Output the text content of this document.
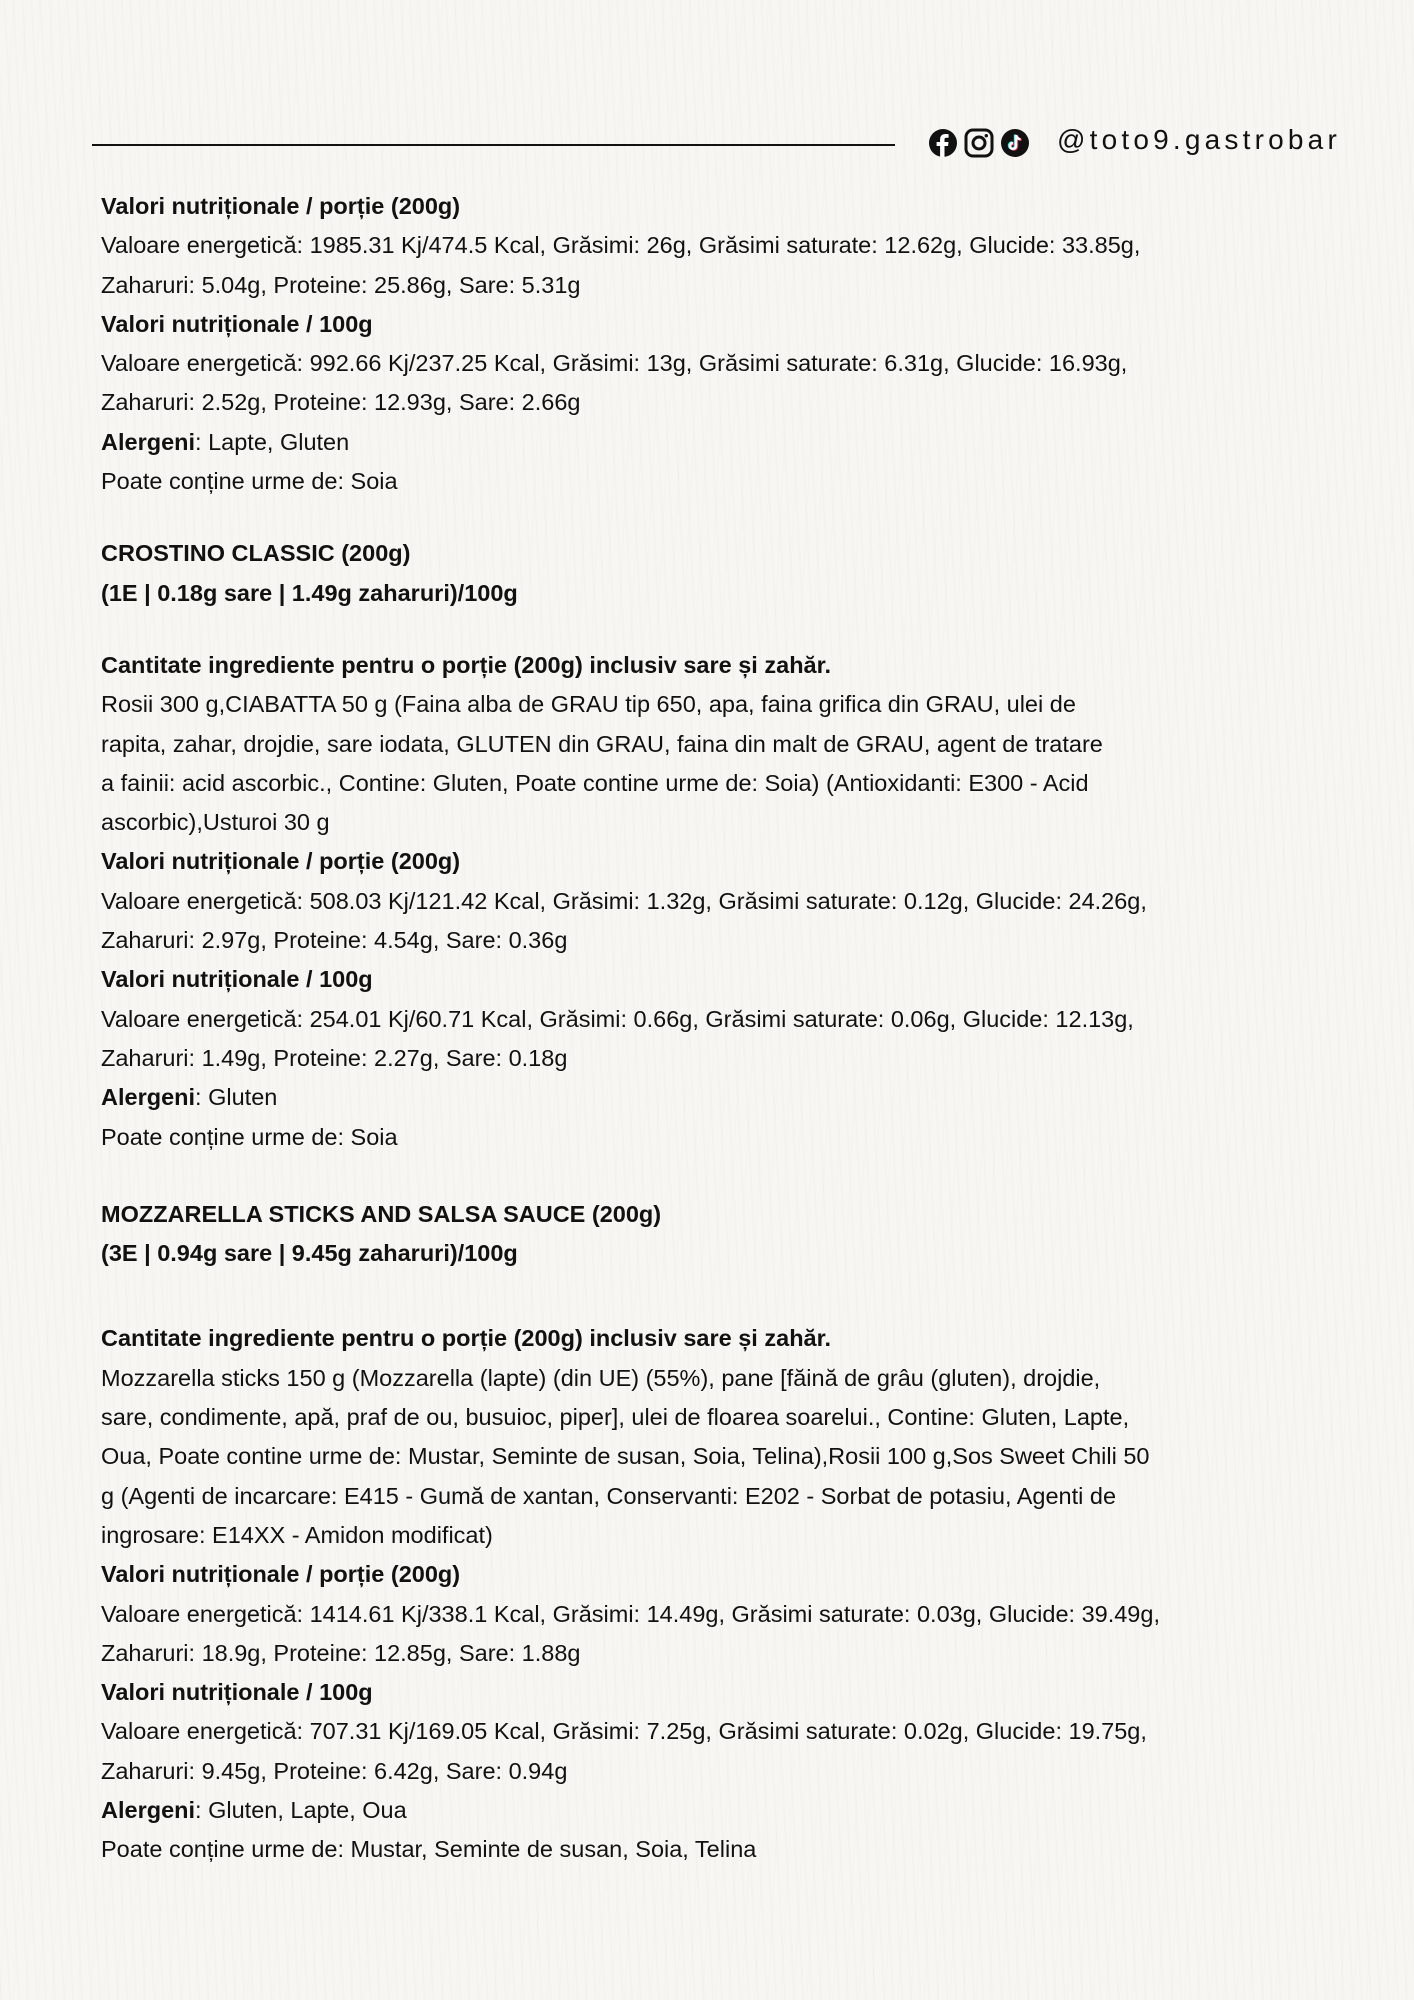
@toto9.gastrobar
Valori nutriționale / porție (200g)
Valoare energetică: 1985.31 Kj/474.5 Kcal, Grăsimi: 26g, Grăsimi saturate: 12.62g, Glucide: 33.85g,
Zaharuri: 5.04g, Proteine: 25.86g, Sare: 5.31g
Valori nutriționale / 100g
Valoare energetică: 992.66 Kj/237.25 Kcal, Grăsimi: 13g, Grăsimi saturate: 6.31g, Glucide: 16.93g,
Zaharuri: 2.52g, Proteine: 12.93g, Sare: 2.66g
Alergeni: Lapte, Gluten
Poate conține urme de: Soia
CROSTINO CLASSIC (200g)
(1E | 0.18g sare | 1.49g zaharuri)/100g
Cantitate ingrediente pentru o porție (200g) inclusiv sare și zahăr.
Rosii 300 g,CIABATTA 50 g (Faina alba de GRAU tip 650, apa, faina grifica din GRAU, ulei de
rapita, zahar, drojdie, sare iodata, GLUTEN din GRAU, faina din malt de GRAU, agent de tratare
a fainii: acid ascorbic., Contine: Gluten, Poate contine urme de: Soia) (Antioxidanti: E300 - Acid
ascorbic),Usturoi 30 g
Valori nutriționale / porție (200g)
Valoare energetică: 508.03 Kj/121.42 Kcal, Grăsimi: 1.32g, Grăsimi saturate: 0.12g, Glucide: 24.26g,
Zaharuri: 2.97g, Proteine: 4.54g, Sare: 0.36g
Valori nutriționale / 100g
Valoare energetică: 254.01 Kj/60.71 Kcal, Grăsimi: 0.66g, Grăsimi saturate: 0.06g, Glucide: 12.13g,
Zaharuri: 1.49g, Proteine: 2.27g, Sare: 0.18g
Alergeni: Gluten
Poate conține urme de: Soia
MOZZARELLA STICKS AND SALSA SAUCE (200g)
(3E | 0.94g sare | 9.45g zaharuri)/100g
Cantitate ingrediente pentru o porție (200g) inclusiv sare și zahăr.
Mozzarella sticks 150 g (Mozzarella (lapte) (din UE) (55%), pane [făină de grâu (gluten), drojdie,
sare, condimente, apă, praf de ou, busuioc, piper], ulei de floarea soarelui., Contine: Gluten, Lapte,
Oua, Poate contine urme de: Mustar, Seminte de susan, Soia, Telina),Rosii 100 g,Sos Sweet Chili 50
g (Agenti de incarcare: E415 - Gumă de xantan, Conservanti: E202 - Sorbat de potasiu, Agenti de
ingrosare: E14XX - Amidon modificat)
Valori nutriționale / porție (200g)
Valoare energetică: 1414.61 Kj/338.1 Kcal, Grăsimi: 14.49g, Grăsimi saturate: 0.03g, Glucide: 39.49g,
Zaharuri: 18.9g, Proteine: 12.85g, Sare: 1.88g
Valori nutriționale / 100g
Valoare energetică: 707.31 Kj/169.05 Kcal, Grăsimi: 7.25g, Grăsimi saturate: 0.02g, Glucide: 19.75g,
Zaharuri: 9.45g, Proteine: 6.42g, Sare: 0.94g
Alergeni: Gluten, Lapte, Oua
Poate conține urme de: Mustar, Seminte de susan, Soia, Telina
